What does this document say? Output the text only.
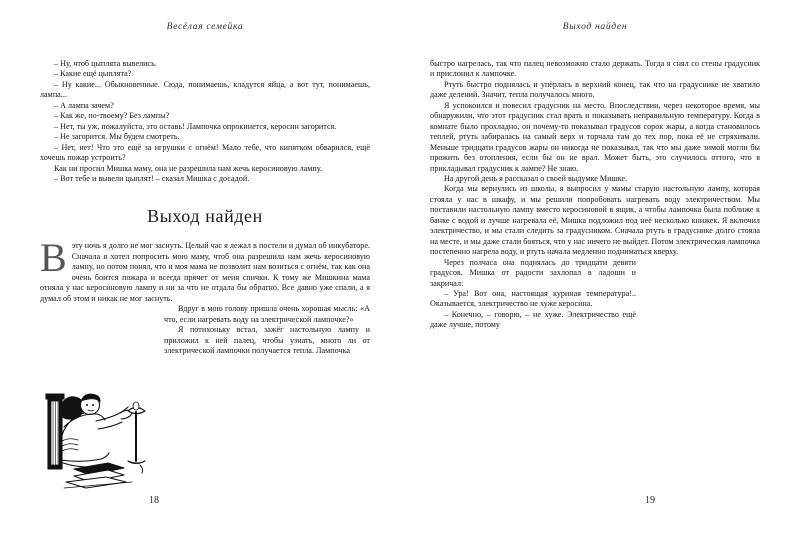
Весёлая семейка

– Ну, чтоб цыплята вывелись.

– Какие ещё цыплята?

– Ну какие... Обыкновенные. Сюда, понимаешь, кладутся яйца, а вот тут, понимаешь, лампа...

– А лампа зачем?

– Как же, по-твоему? Без лампы?

– Нет, ты уж, пожалуйста, это оставь! Лампочка опрокинется, керосин загорится.

– Не загорится. Мы будем смотреть.

– Нет, нет! Что это ещё за игрушки с огнём! Мало тебе, что кипятком обварился, ещё хочешь пожар устроить?

Как ни просил Мишка маму, она не разрешила нам жечь керосиновую лампу.

– Вот тебе и вывели цыплят! – сказал Мишка с досадой.

Выход найден
В эту ночь я долго не мог заснуть. Целый час я лежал в постели и думал об инкубаторе. Сначала я хотел попросить мою маму, чтоб она разрешила нам жечь керосиновую лампу, но потом понял, что и моя мама не позволит нам возиться с огнём, так как она очень боится пожара и всегда прячет от меня спички. К тому же Мишкина мама отняла у нас керосиновую лампу и ни за что не отдала бы обратно. Все давно уже спали, а я думал об этом и никак не мог заснуть.

Вдруг в мою голову пришла очень хорошая мысль: «А что, если нагревать воду на электрической лампочке?»

Я потихоньку встал, зажёг настольную лампу и приложил к ней палец, чтобы узнать, много ли от электрической лампочки получается тепла. Лампочка

18
Выход найден

быстро нагрелась, так что палец невозможно стало держать. Тогда я снял со стены градусник и прислонил к лампочке.

Ртуть быстро поднялась и упёрлась в верхний конец, так что на градуснике не хватило даже делений. Значит, тепла получалось много.

Я успокоился и повесил градусник на место. Впоследствии, через некоторое время, мы обнаружили, что этот градусник стал врать и показывать неправильную температуру. Когда в комнате было прохладно, он почему-то показывал градусов сорок жары, а когда становилось теплей, ртуть забиралась на самый верх и торчала там до тех пор, пока её не стряхивали. Меньше тридцати градусов жары он никогда не показывал, так что мы даже зимой могли бы прожить без отопления, если бы он не врал. Может быть, это случилось оттого, что я прикладывал градусник к лампе? Не знаю.

На другой день я рассказал о своей выдумке Мишке.

Когда мы вернулись из школы, я выпросил у мамы старую настольную лампу, которая стояла у нас в шкафу, и мы решили попробовать нагревать воду электричеством. Мы поставили настольную лампу вместо керосиновой в ящик, а чтобы лампочка была поближе к банке с водой и лучше нагревала её, Мишка подложил под неё несколько книжек. Я включил электричество, и мы стали следить за градусником. Сначала ртуть в градуснике долго стояла на месте, и мы даже стали бояться, что у нас ничего не выйдет. Потом электрическая лампочка постепенно нагрела воду, и ртуть начала медленно подниматься кверху.

Через полчаса она поднялась до тридцати девяти градусов. Мишка от радости захлопал в ладоши и закричал:

– Ура! Вот она, настоящая куриная температура!.. Оказывается, электричество не хуже керосина.

– Конечно, – говорю, – не хуже. Электричество ещё даже лучше, потому

19
